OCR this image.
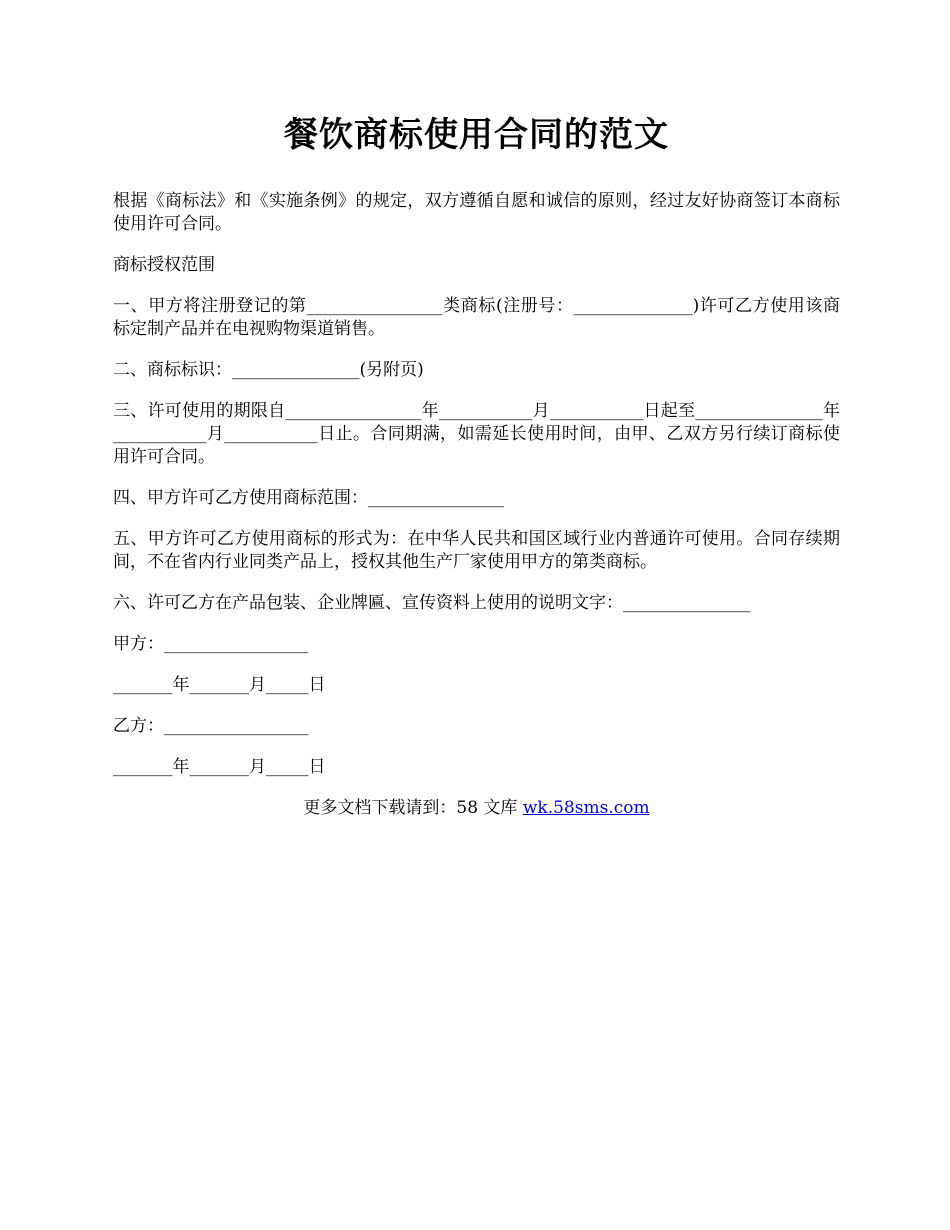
餐饮商标使用合同的范文

根据《商标法》和《实施条例》的规定，双方遵循自愿和诚信的原则，经过友好协商签订本商标使用许可合同。

商标授权范围

一、甲方将注册登记的第________________类商标(注册号：______________)许可乙方使用该商标定制产品并在电视购物渠道销售。

二、商标标识：_______________(另附页)

三、许可使用的期限自________________年___________月___________日起至_______________年___________月___________日止。合同期满，如需延长使用时间，由甲、乙双方另行续订商标使用许可合同。

四、甲方许可乙方使用商标范围：________________

五、甲方许可乙方使用商标的形式为：在中华人民共和国区域行业内普通许可使用。合同存续期间，不在省内行业同类产品上，授权其他生产厂家使用甲方的第类商标。

六、许可乙方在产品包装、企业牌匾、宣传资料上使用的说明文字：_______________

甲方：_________________

_______年_______月_____日

乙方：_________________

_______年_______月_____日

更多文档下载请到：58 文库 wk.58sms.com
